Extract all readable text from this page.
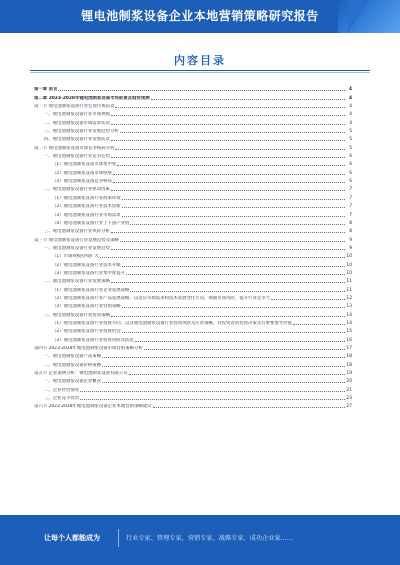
锂电池制浆设备企业本地营销策略研究报告
内容目录
第一章 前言	4
第二章 2023-2028年锂电池制浆设备市场前景及趋势预测	4
第一节 锂电池制浆设备行业宏观市场前景	4
一、锂电池制浆设备行业市场规模	4
二、锂电池制浆设备市场需求状况	4
三、锂电池制浆设备行业发展趋势分析	5
四、锂电池制浆设备行业发展前景	5
第二节 锂电池制浆设备市场竞争格局分析	5
一、锂电池制浆设备行业竞争态势	6
（1）锂电池制浆设备市场集中度	6
（2）锂电池制浆设备市场壁垒	6
（3）锂电池制浆设备竞争格局	6
二、锂电池制浆设备行业驱动因素	7
（1）锂电池制浆设备行业政策环境	7
（2）锂电池制浆设备行业技术创新	7
（3）锂电池制浆设备行业市场需求	7
（4）锂电池制浆设备行业上下游产业链	8
三、锂电池制浆设备行业风险分析	8
第三节 锂电池制浆设备行业发展趋势及策略	9
一、锂电池制浆设备行业发展趋势	9
（1）市场规模持续扩大	10
（2）锂电池制浆设备行业技术升级	10
（3）锂电池制浆设备行业集中度提升	10
二、锂电池制浆设备行业发展策略	11
（1）锂电池制浆设备行业企业发展战略	11
（2）锂电池制浆设备行业产品发展战略，以适应市场需求和技术发展变化方向，规避市场风险，提升行业竞争力	12
（3）锂电池制浆设备行业营销策略	13
三、锂电池制浆设备行业投资策略	14
（1）锂电池制浆设备行业投资方向，以及锂电池制浆设备行业投资风险及应对策略，对投资者的投资决策具有重要参考价值	14
（2）锂电池制浆设备行业投资机会	15
（3）锂电池制浆设备行业投资风险及防范	16
第四节 2023-2028年锂电池制浆设备市场营销策略分析	17
一、锂电池制浆设备产品策略	18
二、锂电池制浆设备价格策略	18
第五节 企业案例分析：锂电池制浆设备有限公司	19
一、锂电池制浆设备企业概况	20
二、企业经营情况	21
三、企业竞争优势	23
第六节 2023-2028年锂电池制浆设备企业本地营销策略建议	27
让每个人都能成为	行业专家、管理专家、营销专家、战略专家、成功企业家……
